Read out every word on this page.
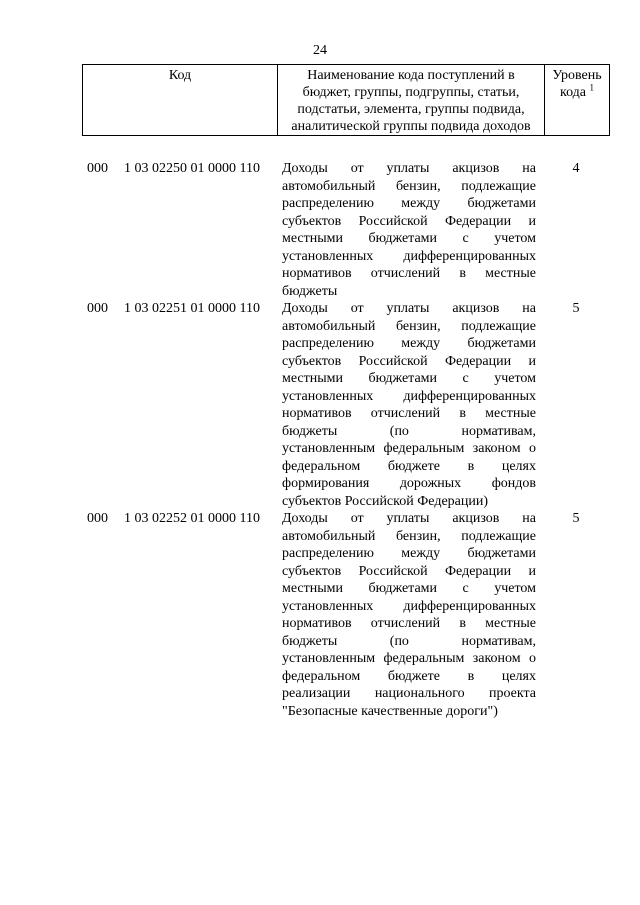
24
Код	Наименование кода поступлений в
бюджет, группы, подгруппы, статьи,
подстатьи, элемента, группы подвида,
аналитической группы подвида доходов
Уровень
кода $^1$
000	1 03 02250 01 0000 110	Доходы от уплаты акцизов на
автомобильный бензин, подлежащие
распределению между бюджетами
субъектов Российской Федерации и
местными бюджетами с учетом
установленных дифференцированных
нормативов отчислений в местные
бюджеты
4
000	1 03 02251 01 0000 110	Доходы от уплаты акцизов на
автомобильный бензин, подлежащие
распределению между бюджетами
субъектов Российской Федерации и
местными бюджетами с учетом
установленных дифференцированных
нормативов отчислений в местные
бюджеты (по нормативам,
установленным федеральным законом о
федеральном бюджете в целях
формирования дорожных фондов
субъектов Российской Федерации)
5
000	1 03 02252 01 0000 110	Доходы от уплаты акцизов на
автомобильный бензин, подлежащие
распределению между бюджетами
субъектов Российской Федерации и
местными бюджетами с учетом
установленных дифференцированных
нормативов отчислений в местные
бюджеты (по нормативам,
установленным федеральным законом о
федеральном бюджете в целях
реализации национального проекта
"Безопасные качественные дороги")
5
